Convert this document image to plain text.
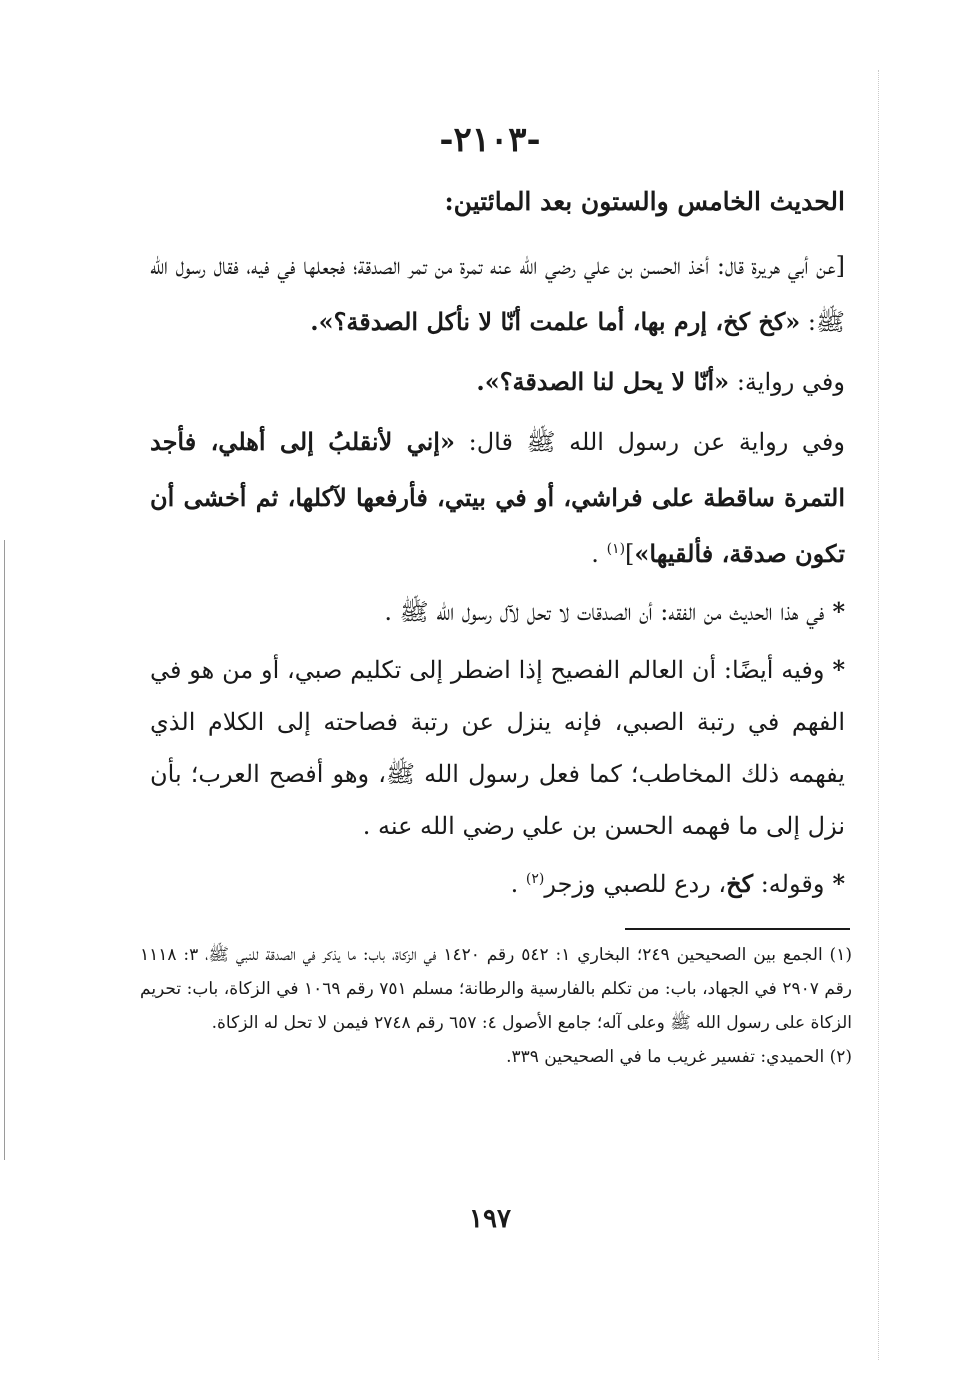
-٢١٠٣-

الحديث الخامس والستون بعد المائتين:

[عن أبي هريرة قال: أخذ الحسن بن علي رضي الله عنه تمرة من تمر الصدقة؛ فجعلها في فيه، فقال رسول الله ﷺ: «كخ كخ، إرم بها، أما علمت أنّا لا نأكل الصدقة؟».

وفي رواية: «أنّا لا يحل لنا الصدقة؟».

وفي رواية عن رسول الله ﷺ قال: «إني لأنقلبُ إلى أهلي، فأجد التمرة ساقطة على فراشي، أو في بيتي، فأرفعها لآكلها، ثم أخشى أن تكون صدقة، فألقيها»]$^{(١)}$ .

*في هذا الحديث من الفقه: أن الصدقات لا تحل لآل رسول الله ﷺ .

*وفيه أيضًا: أن العالم الفصيح إذا اضطر إلى تكليم صبي، أو من هو في الفهم في رتبة الصبي، فإنه ينزل عن رتبة فصاحته إلى الكلام الذي يفهمه ذلك المخاطب؛ كما فعل رسول الله ﷺ، وهو أفصح العرب؛ بأن نزل إلى ما فهمه الحسن بن علي رضي الله عنه .

*وقوله: كخ، ردع للصبي وزجر$^{(٢)}$ .

(١) الجمع بين الصحيحين ٢٤٩؛ البخاري ١: ٥٤٢ رقم ١٤٢٠ في الزكاة، باب: ما يذكر في الصدقة للنبي ﷺ، ٣: ١١١٨ رقم ٢٩٠٧ في الجهاد، باب: من تكلم بالفارسية والرطانة؛ مسلم ٧٥١ رقم ١٠٦٩ في الزكاة، باب: تحريم الزكاة على رسول الله ﷺ وعلى آله؛ جامع الأصول ٤: ٦٥٧ رقم ٢٧٤٨ فيمن لا تحل له الزكاة.

(٢) الحميدي: تفسير غريب ما في الصحيحين ٣٣٩.

١٩٧
